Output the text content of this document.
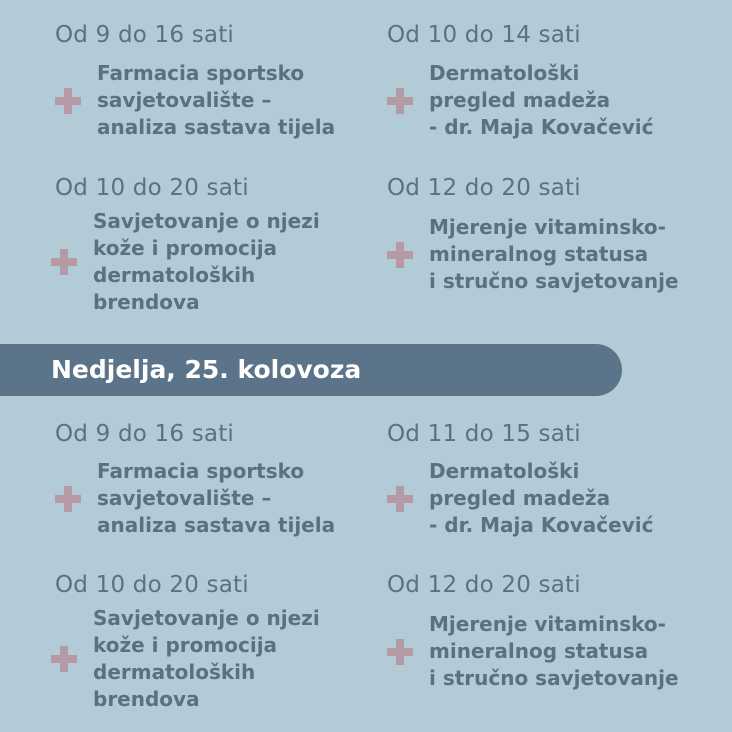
Od 9 do 16 sati
Farmacia sportsko
savjetovalište –
analiza sastava tijela
Od 10 do 14 sati
Dermatološki
pregled madeža
- dr. Maja Kovačević
Od 10 do 20 sati
Savjetovanje o njezi
kože i promocija
dermatoloških
brendova
Od 12 do 20 sati
Mjerenje vitaminsko-
mineralnog statusa
i stručno savjetovanje
Nedjelja, 25. kolovoza
Od 9 do 16 sati
Farmacia sportsko
savjetovalište –
analiza sastava tijela
Od 11 do 15 sati
Dermatološki
pregled madeža
- dr. Maja Kovačević
Od 10 do 20 sati
Savjetovanje o njezi
kože i promocija
dermatoloških
brendova
Od 12 do 20 sati
Mjerenje vitaminsko-
mineralnog statusa
i stručno savjetovanje
